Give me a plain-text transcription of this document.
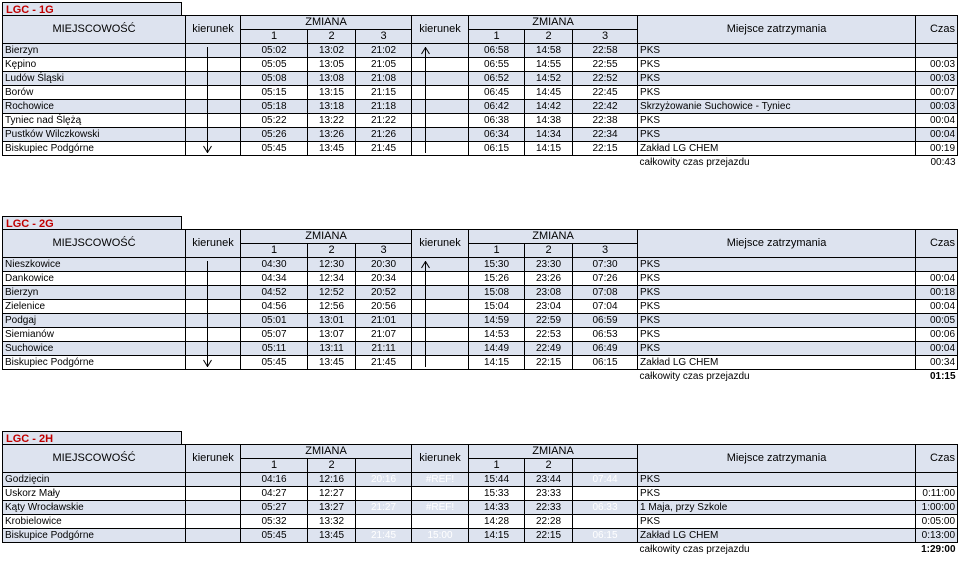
LGC - 1G
MIEJSCOWOŚĆ	kierunek	ZMIANA			kierunek	ZMIANA			Miejsce zatrzymania	Czas
		1	2	3		1	2	3		
Bierzyn		05:02	13:02	21:02		06:58	14:58	22:58	PKS	
Kępino		05:05	13:05	21:05		06:55	14:55	22:55	PKS	00:03
Ludów Śląski		05:08	13:08	21:08		06:52	14:52	22:52	PKS	00:03
Borów		05:15	13:15	21:15		06:45	14:45	22:45	PKS	00:07
Rochowice		05:18	13:18	21:18		06:42	14:42	22:42	Skrzyżowanie Suchowice - Tyniec	00:03
Tyniec nad Ślężą		05:22	13:22	21:22		06:38	14:38	22:38	PKS	00:04
Pustków Wilczkowski		05:26	13:26	21:26		06:34	14:34	22:34	PKS	00:04
Biskupiec Podgórne		05:45	13:45	21:45		06:15	14:15	22:15	Zakład LG CHEM	00:19
									całkowity czas przejazdu	00:43
LGC - 2G
MIEJSCOWOŚĆ	kierunek	ZMIANA			kierunek	ZMIANA			Miejsce zatrzymania	Czas
		1	2	3		1	2	3		
Nieszkowice		04:30	12:30	20:30		15:30	23:30	07:30	PKS	
Dankowice		04:34	12:34	20:34		15:26	23:26	07:26	PKS	00:04
Bierzyn		04:52	12:52	20:52		15:08	23:08	07:08	PKS	00:18
Zielenice		04:56	12:56	20:56		15:04	23:04	07:04	PKS	00:04
Podgaj		05:01	13:01	21:01		14:59	22:59	06:59	PKS	00:05
Siemianów		05:07	13:07	21:07		14:53	22:53	06:53	PKS	00:06
Suchowice		05:11	13:11	21:11		14:49	22:49	06:49	PKS	00:04
Biskupiec Podgórne		05:45	13:45	21:45		14:15	22:15	06:15	Zakład LG CHEM	00:34
									całkowity czas przejazdu	01:15
LGC - 2H
MIEJSCOWOŚĆ	kierunek	ZMIANA			kierunek	ZMIANA			Miejsce zatrzymania	Czas
		1	2			1	2			
Godzięcin		04:16	12:16	20:16	#REF!	15:44	23:44	07:44	PKS	
Uskorz Mały		04:27	12:27			15:33	23:33		PKS	0:11:00
Kąty Wrocławskie		05:27	13:27	21:27	#REF!	14:33	22:33	06:33	1 Maja, przy Szkole	1:00:00
Krobielowice		05:32	13:32			14:28	22:28		PKS	0:05:00
Biskupice Podgórne		05:45	13:45	21:45	15:00	14:15	22:15	06:15	Zakład LG CHEM	0:13:00
									całkowity czas przejazdu	1:29:00
